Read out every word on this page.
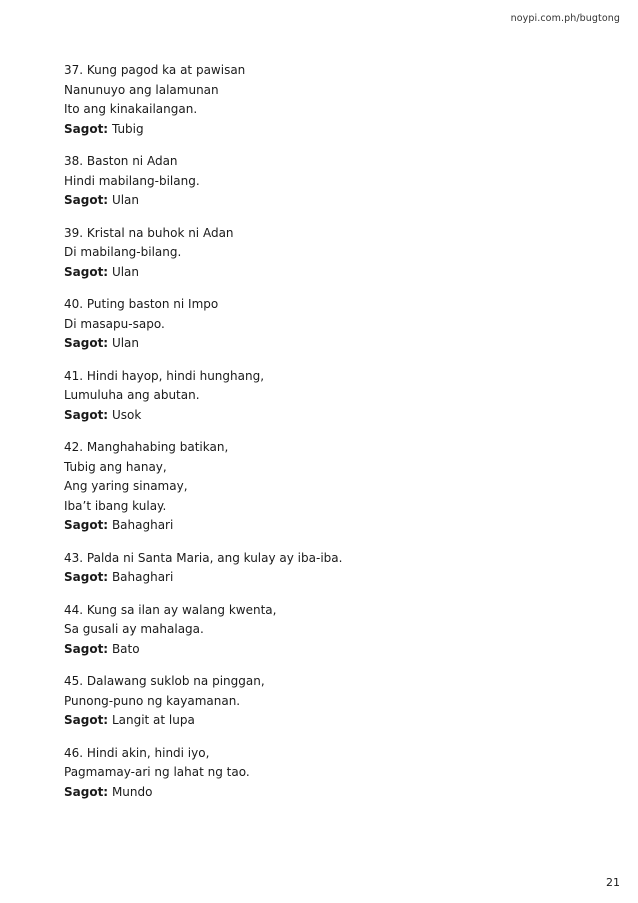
noypi.com.ph/bugtong
37. Kung pagod ka at pawisan
Nanunuyo ang lalamunan
Ito ang kinakailangan.
Sagot: Tubig
38. Baston ni Adan
Hindi mabilang-bilang.
Sagot: Ulan
39. Kristal na buhok ni Adan
Di mabilang-bilang.
Sagot: Ulan
40. Puting baston ni Impo
Di masapu-sapo.
Sagot: Ulan
41. Hindi hayop, hindi hunghang,
Lumuluha ang abutan.
Sagot: Usok
42. Manghahabing batikan,
Tubig ang hanay,
Ang yaring sinamay,
Iba’t ibang kulay.
Sagot: Bahaghari
43. Palda ni Santa Maria, ang kulay ay iba-iba.
Sagot: Bahaghari
44. Kung sa ilan ay walang kwenta,
Sa gusali ay mahalaga.
Sagot: Bato
45. Dalawang suklob na pinggan,
Punong-puno ng kayamanan.
Sagot: Langit at lupa
46. Hindi akin, hindi iyo,
Pagmamay-ari ng lahat ng tao.
Sagot: Mundo
21
